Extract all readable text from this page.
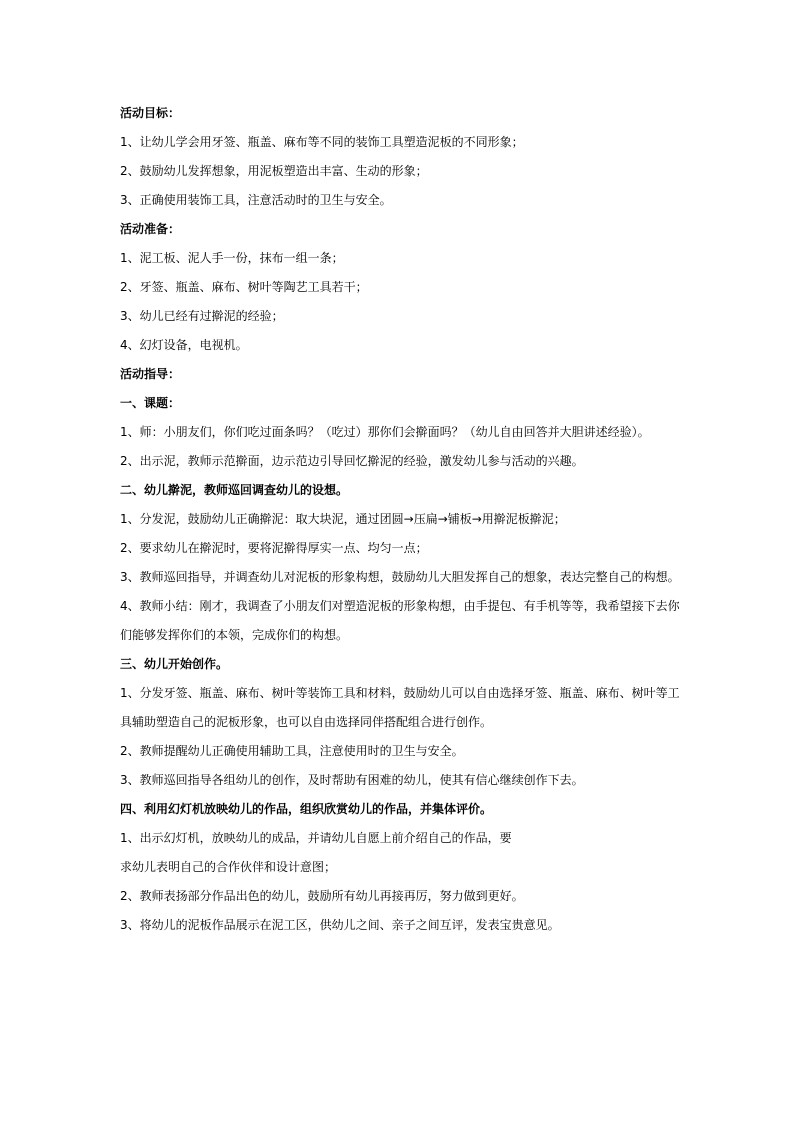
活动目标：
1、让幼儿学会用牙签、瓶盖、麻布等不同的装饰工具塑造泥板的不同形象；
2、鼓励幼儿发挥想象，用泥板塑造出丰富、生动的形象；
3、正确使用装饰工具，注意活动时的卫生与安全。
活动准备：
1、泥工板、泥人手一份，抹布一组一条；
2、牙签、瓶盖、麻布、树叶等陶艺工具若干；
3、幼儿已经有过擀泥的经验；
4、幻灯设备，电视机。
活动指导：
一、课题：
1、师：小朋友们，你们吃过面条吗？（吃过）那你们会擀面吗？（幼儿自由回答并大胆讲述经验）。
2、出示泥，教师示范擀面，边示范边引导回忆擀泥的经验，激发幼儿参与活动的兴趣。
二、幼儿擀泥，教师巡回调查幼儿的设想。
1、分发泥，鼓励幼儿正确擀泥：取大块泥，通过团圆→压扁→铺板→用擀泥板擀泥；
2、要求幼儿在擀泥时，要将泥擀得厚实一点、均匀一点；
3、教师巡回指导，并调查幼儿对泥板的形象构想，鼓励幼儿大胆发挥自己的想象，表达完整自己的构想。
4、教师小结：刚才，我调查了小朋友们对塑造泥板的形象构想，由手提包、有手机等等，我希望接下去你
们能够发挥你们的本领，完成你们的构想。
三、幼儿开始创作。
1、分发牙签、瓶盖、麻布、树叶等装饰工具和材料，鼓励幼儿可以自由选择牙签、瓶盖、麻布、树叶等工
具辅助塑造自己的泥板形象，也可以自由选择同伴搭配组合进行创作。
2、教师提醒幼儿正确使用辅助工具，注意使用时的卫生与安全。
3、教师巡回指导各组幼儿的创作，及时帮助有困难的幼儿，使其有信心继续创作下去。
四、利用幻灯机放映幼儿的作品，组织欣赏幼儿的作品，并集体评价。
1、出示幻灯机，放映幼儿的成品，并请幼儿自愿上前介绍自己的作品，要
求幼儿表明自己的合作伙伴和设计意图；
2、教师表扬部分作品出色的幼儿，鼓励所有幼儿再接再厉，努力做到更好。
3、将幼儿的泥板作品展示在泥工区，供幼儿之间、亲子之间互评，发表宝贵意见。
